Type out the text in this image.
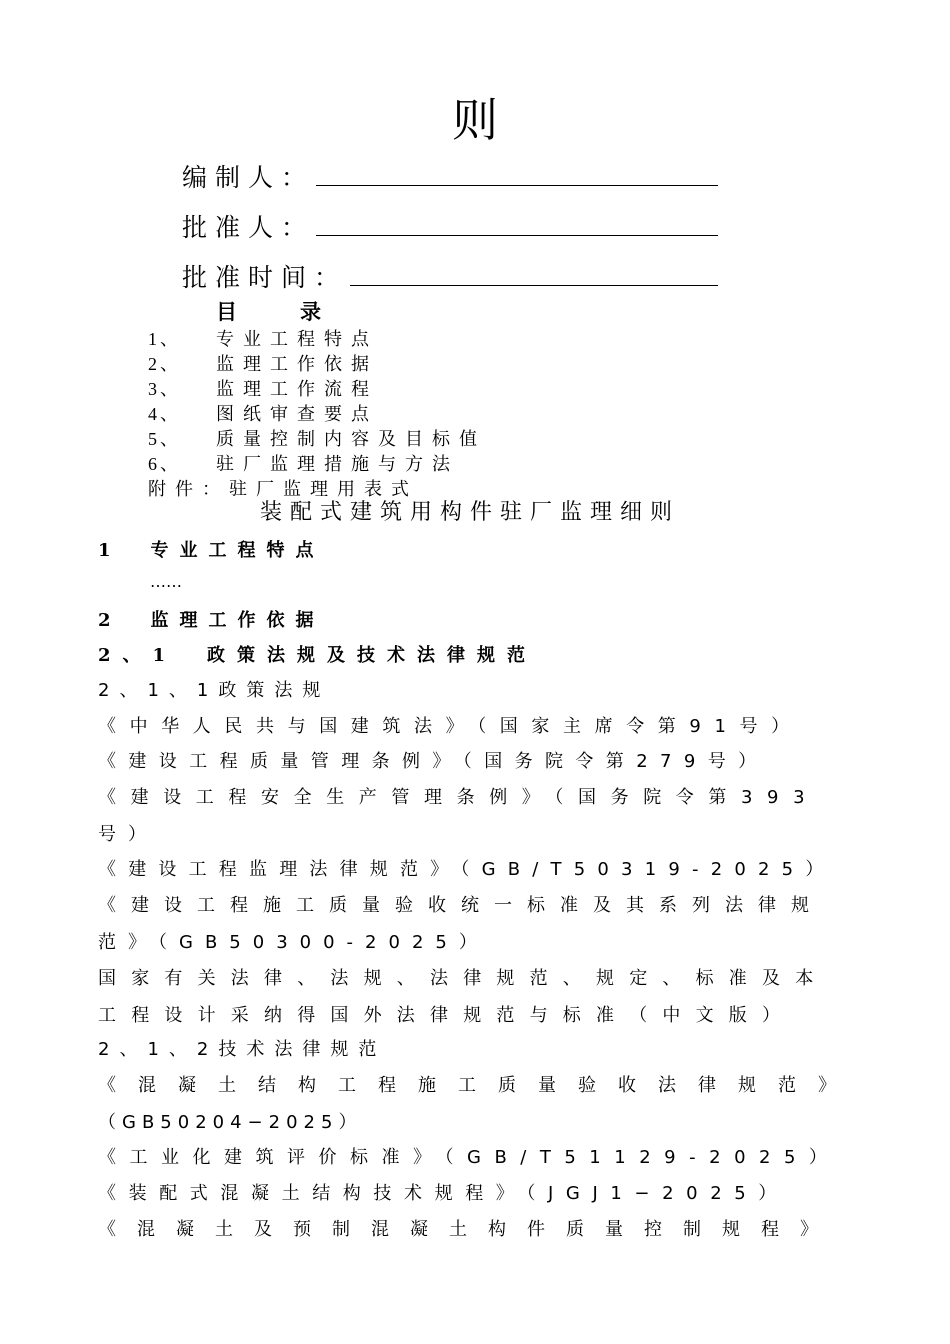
则
编制人：
批准人：
批准时间：
目　　　录
1、 专业工程特点
2、 监理工作依据
3、 监理工作流程
4、 图纸审查要点
5、 质量控制内容及目标值
6、 驻厂监理措施与方法
附件：驻厂监理用表式
装配式建筑用构件驻厂监理细则
1　专业工程特点
……
2　监理工作依据
2、1　政策法规及技术法律规范
2、1、1政策法规
《中华人民共与国建筑法》（国家主席令第91号）
《建设工程质量管理条例》（国务院令第279号）
《建设工程安全生产管理条例》（国务院令第393
号）
《建设工程监理法律规范》（GB/T50319-2025）
《建设工程施工质量验收统一标准及其系列法律规
范》（GB50300-2025）
国家有关法律、法规、法律规范、规定、标准及本
工程设计采纳得国外法律规范与标准（中文版）
2、1、2技术法律规范
《混凝土结构工程施工质量验收法律规范》
（GB50204−2025）
《工业化建筑评价标准》（GB/T51129-2025）
《装配式混凝土结构技术规程》（JGJ1−2025）
《混凝土及预制混凝土构件质量控制规程》
